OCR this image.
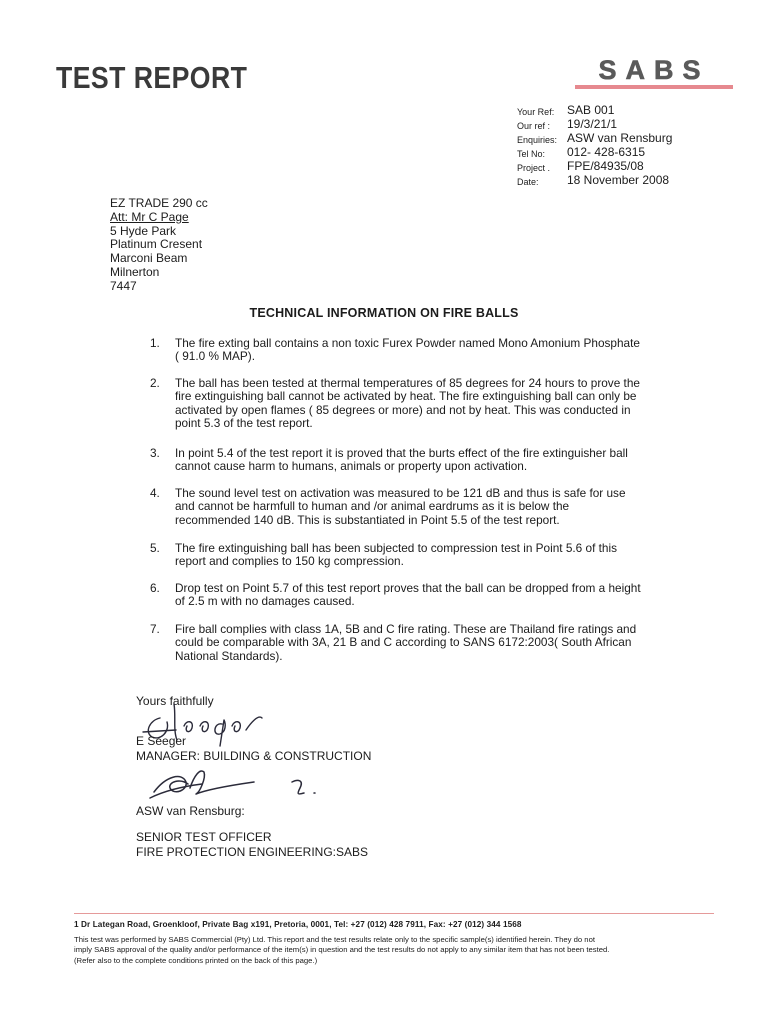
TEST REPORT	SABS
Your Ref:	SAB 001
Our ref :	19/3/21/1
Enquiries: ASW van Rensburg
Tel No:	012- 428-6315
Project .	FPE/84935/08
Date:	18 November 2008
EZ TRADE 290 cc
Att: Mr C Page
5 Hyde Park
Platinum Cresent
Marconi Beam
Milnerton
7447
TECHNICAL INFORMATION ON FIRE BALLS
1.	The fire exting ball contains a non toxic Furex Powder named Mono Amonium Phosphate
( 91.0 % MAP).
2.	The ball has been tested at thermal temperatures of 85 degrees for 24 hours to prove the
fire extinguishing ball cannot be activated by heat. The fire extinguishing ball can only be
activated by open flames ( 85 degrees or more) and not by heat. This was conducted in
point 5.3 of the test report.
3.	In point 5.4 of the test report it is proved that the burts effect of the fire extinguisher ball
cannot cause harm to humans, animals or property upon activation.
4.	The sound level test on activation was measured to be 121 dB and thus is safe for use
and cannot be harmfull to human and /or animal eardrums as it is below the
recommended 140 dB. This is substantiated in Point 5.5 of the test report.
5.	The fire extinguishing ball has been subjected to compression test in Point 5.6 of this
report and complies to 150 kg compression.
6.	Drop test on Point 5.7 of this test report proves that the ball can be dropped from a height
of 2.5 m with no damages caused.
7.	Fire ball complies with class 1A, 5B and C fire rating. These are Thailand fire ratings and
could be comparable with 3A, 21 B and C according to SANS 6172:2003( South African
National Standards).
Yours faithfully
E Seeger
MANAGER: BUILDING & CONSTRUCTION
ASW van Rensburg:
SENIOR TEST OFFICER
FIRE PROTECTION ENGINEERING:SABS
1 Dr Lategan Road, Groenkloof, Private Bag x191, Pretoria, 0001, Tel: +27 (012) 428 7911, Fax: +27 (012) 344 1568
This test was performed by SABS Commercial (Pty) Ltd. This report and the test results relate only to the specific sample(s) identified herein. They do not
imply SABS approval of the quality and/or performance of the item(s) in question and the test results do not apply to any similar item that has not been tested.
(Refer also to the complete conditions printed on the back of this page.)
